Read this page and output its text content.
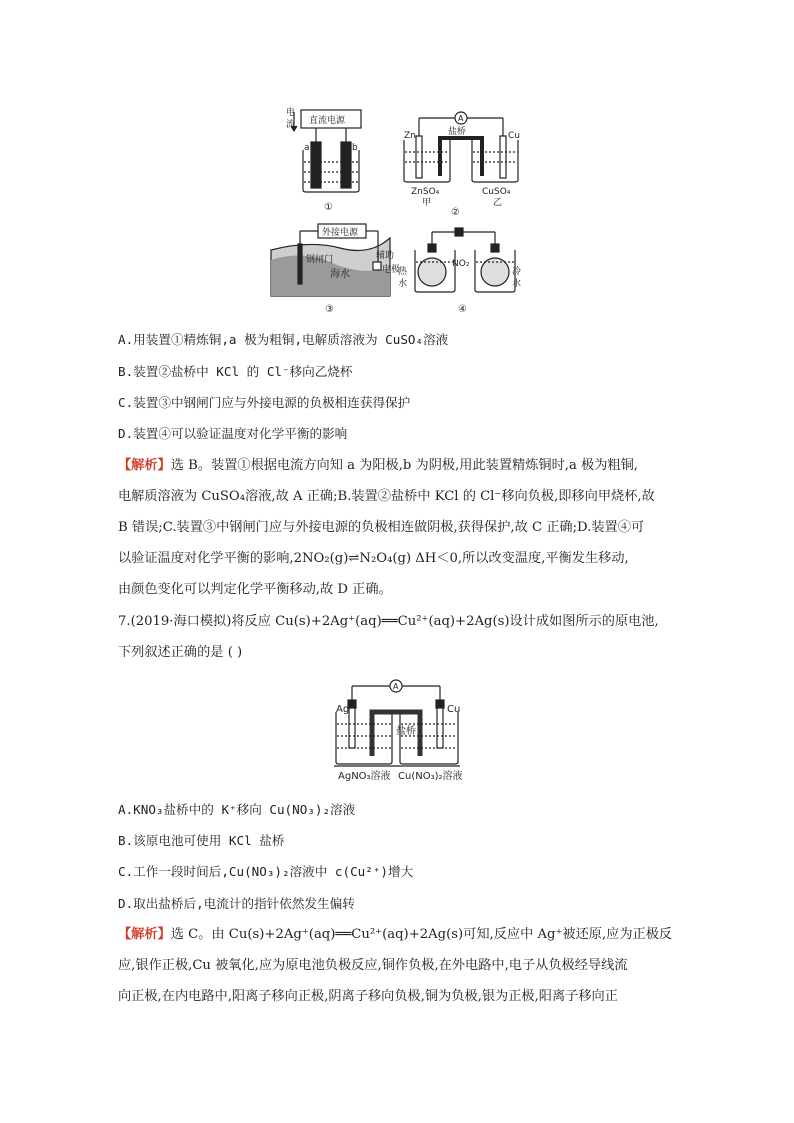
电
流 直流电源
a	b
①
A
Zn	Cu
盐桥
ZnSO₄
甲
CuSO₄
乙
②
外接电源
钢闸门
海水
辅助
电极
③
NO₂
热
水
冷
水
④
A.用装置①精炼铜,a 极为粗铜,电解质溶液为 CuSO₄溶液
B.装置②盐桥中 KCl 的 Cl⁻移向乙烧杯
C.装置③中钢闸门应与外接电源的负极相连获得保护
D.装置④可以验证温度对化学平衡的影响
【解析】选 B。装置①根据电流方向知 a 为阳极,b 为阴极,用此装置精炼铜时,a 极为粗铜,
电解质溶液为 CuSO₄溶液,故 A 正确;B.装置②盐桥中 KCl 的 Cl⁻移向负极,即移向甲烧杯,故
B 错误;C.装置③中钢闸门应与外接电源的负极相连做阴极,获得保护,故 C 正确;D.装置④可
以验证温度对化学平衡的影响,2NO₂(g)⇌N₂O₄(g) ΔH＜0,所以改变温度,平衡发生移动,
由颜色变化可以判定化学平衡移动,故 D 正确。
7.(2019·海口模拟)将反应 Cu(s)+2Ag⁺(aq)══Cu²⁺(aq)+2Ag(s)设计成如图所示的原电池,
下列叙述正确的是 ( )
A
Ag	Cu
盐桥
AgNO₃溶液 Cu(NO₃)₂溶液
A.KNO₃盐桥中的 K⁺移向 Cu(NO₃)₂溶液
B.该原电池可使用 KCl 盐桥
C.工作一段时间后,Cu(NO₃)₂溶液中 c(Cu²⁺)增大
D.取出盐桥后,电流计的指针依然发生偏转
【解析】选 C。由 Cu(s)+2Ag⁺(aq)══Cu²⁺(aq)+2Ag(s)可知,反应中 Ag⁺被还原,应为正极反
应,银作正极,Cu 被氧化,应为原电池负极反应,铜作负极,在外电路中,电子从负极经导线流
向正极,在内电路中,阳离子移向正极,阴离子移向负极,铜为负极,银为正极,阳离子移向正
